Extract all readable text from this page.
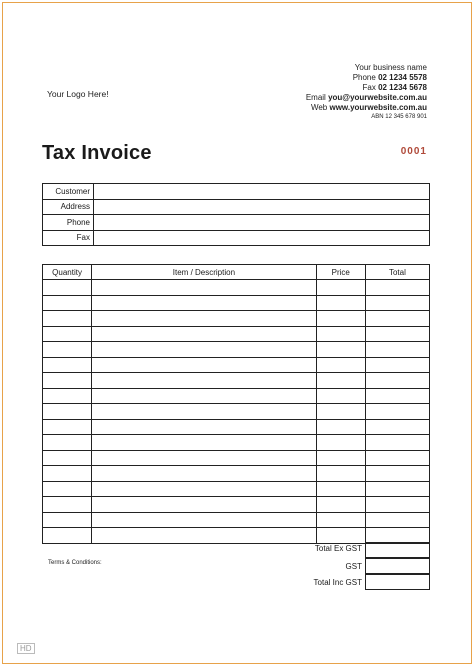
Your Logo Here!
Your business name
Phone 02 1234 5578
Fax 02 1234 5678
Email you@yourwebsite.com.au
Web www.yourwebsite.com.au
ABN 12 345 678 901
Tax Invoice	0001
Customer	
Address	
Phone	
Fax	
Quantity	Item / Description	Price	Total

Total Ex GST
GST
Total Inc GST
Terms & Conditions:
HD
